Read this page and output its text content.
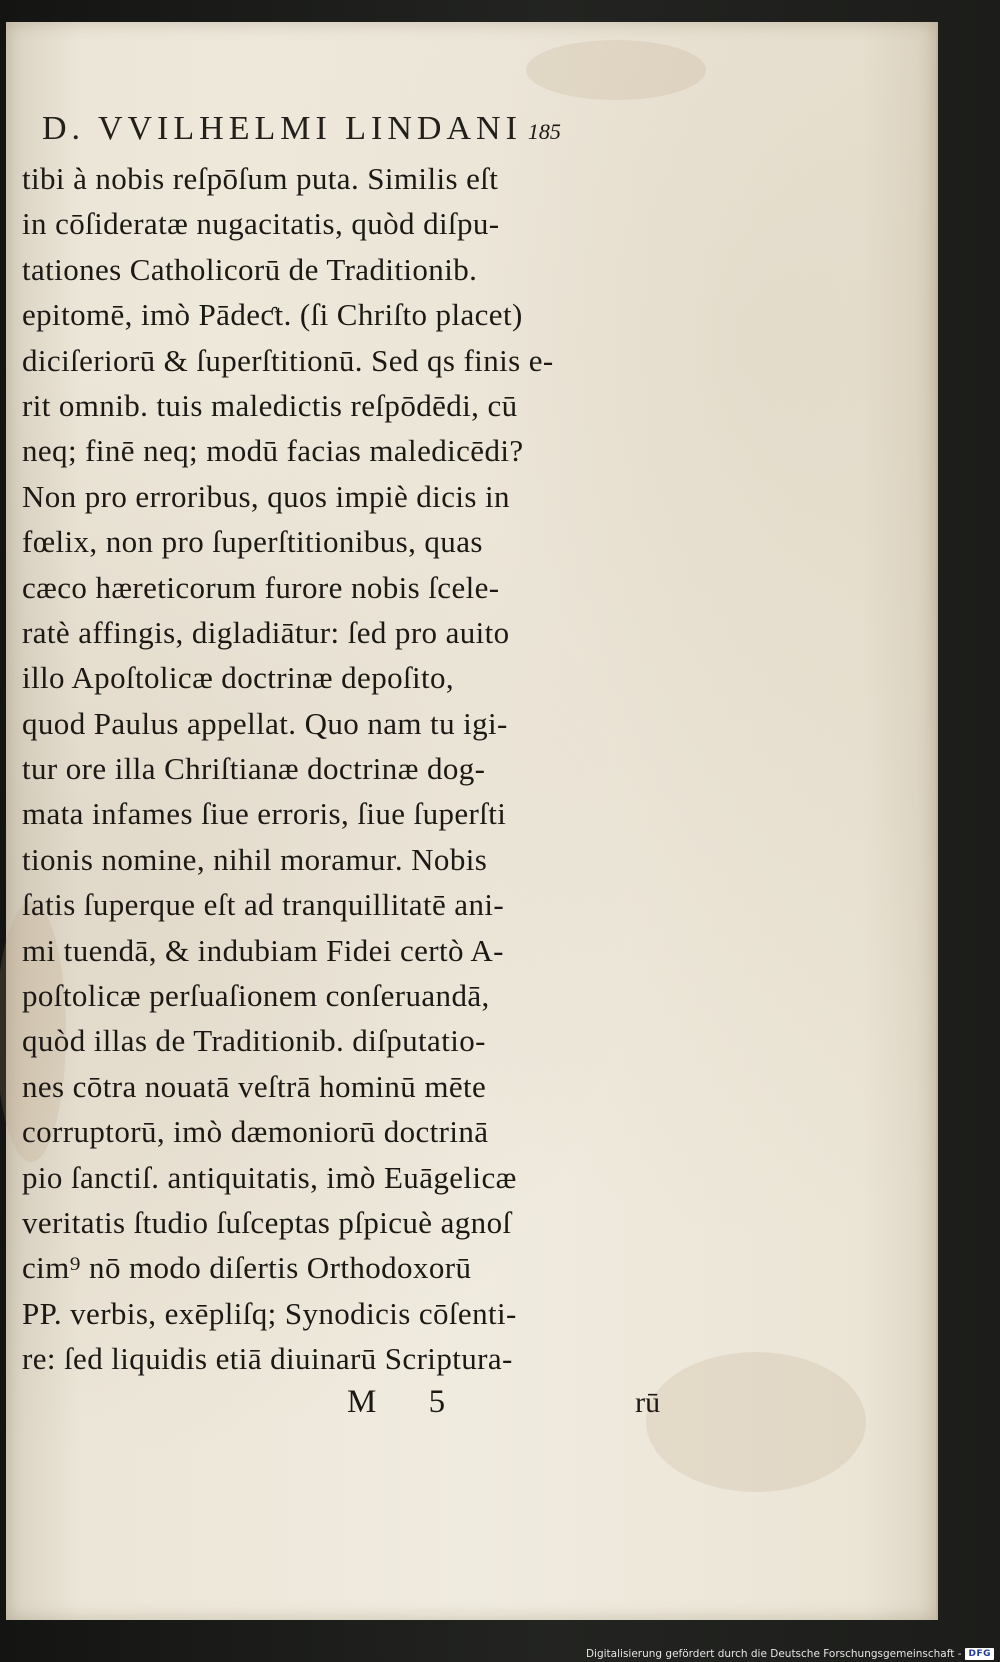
D. VVILHELMI LINDANI 185
tibi à nobis reſpōſum puta. Similis eſt
in cōſideratæ nugacitatis, quòd diſpu-
tationes Catholicorū de Traditionib.
epitomē, imò Pādeƈt. (ſi Chriſto placet)
diciſeriorū & ſuperſtitionū. Sed qs finis e-
rit omnib. tuis maledictis reſpōdēdi, cū
neq; finē neq; modū facias maledicēdi?
Non pro erroribus, quos impiè dicis in
fœlix, non pro ſuperſtitionibus, quas
cæco hæreticorum furore nobis ſcele-
ratè affingis, digladiātur: ſed pro auito
illo Apoſtolicæ doctrinæ depoſito,
quod Paulus appellat. Quo nam tu igi-
tur ore illa Chriſtianæ doctrinæ dog-
mata infames ſiue erroris, ſiue ſuperſti
tionis nomine, nihil moramur. Nobis
ſatis ſuperque eſt ad tranquillitatē ani-
mi tuendā, & indubiam Fidei certò A-
poſtolicæ perſuaſionem conſeruandā,
quòd illas de Traditionib. diſputatio-
nes cōtra nouatā veſtrā hominū mēte
corruptorū, imò dæmoniorū doctrinā
pio ſanctiſ. antiquitatis, imò Euāgelicæ
veritatis ſtudio ſuſceptas pſpicuè agnoſ
cim⁹ nō modo diſertis Orthodoxorū
PP. verbis, exēpliſq; Synodicis cōſenti-
re: ſed liquidis etiā diuinarū Scriptura-
M 5	rū
Digitalisierung gefördert durch die Deutsche Forschungsgemeinschaft - DFG
